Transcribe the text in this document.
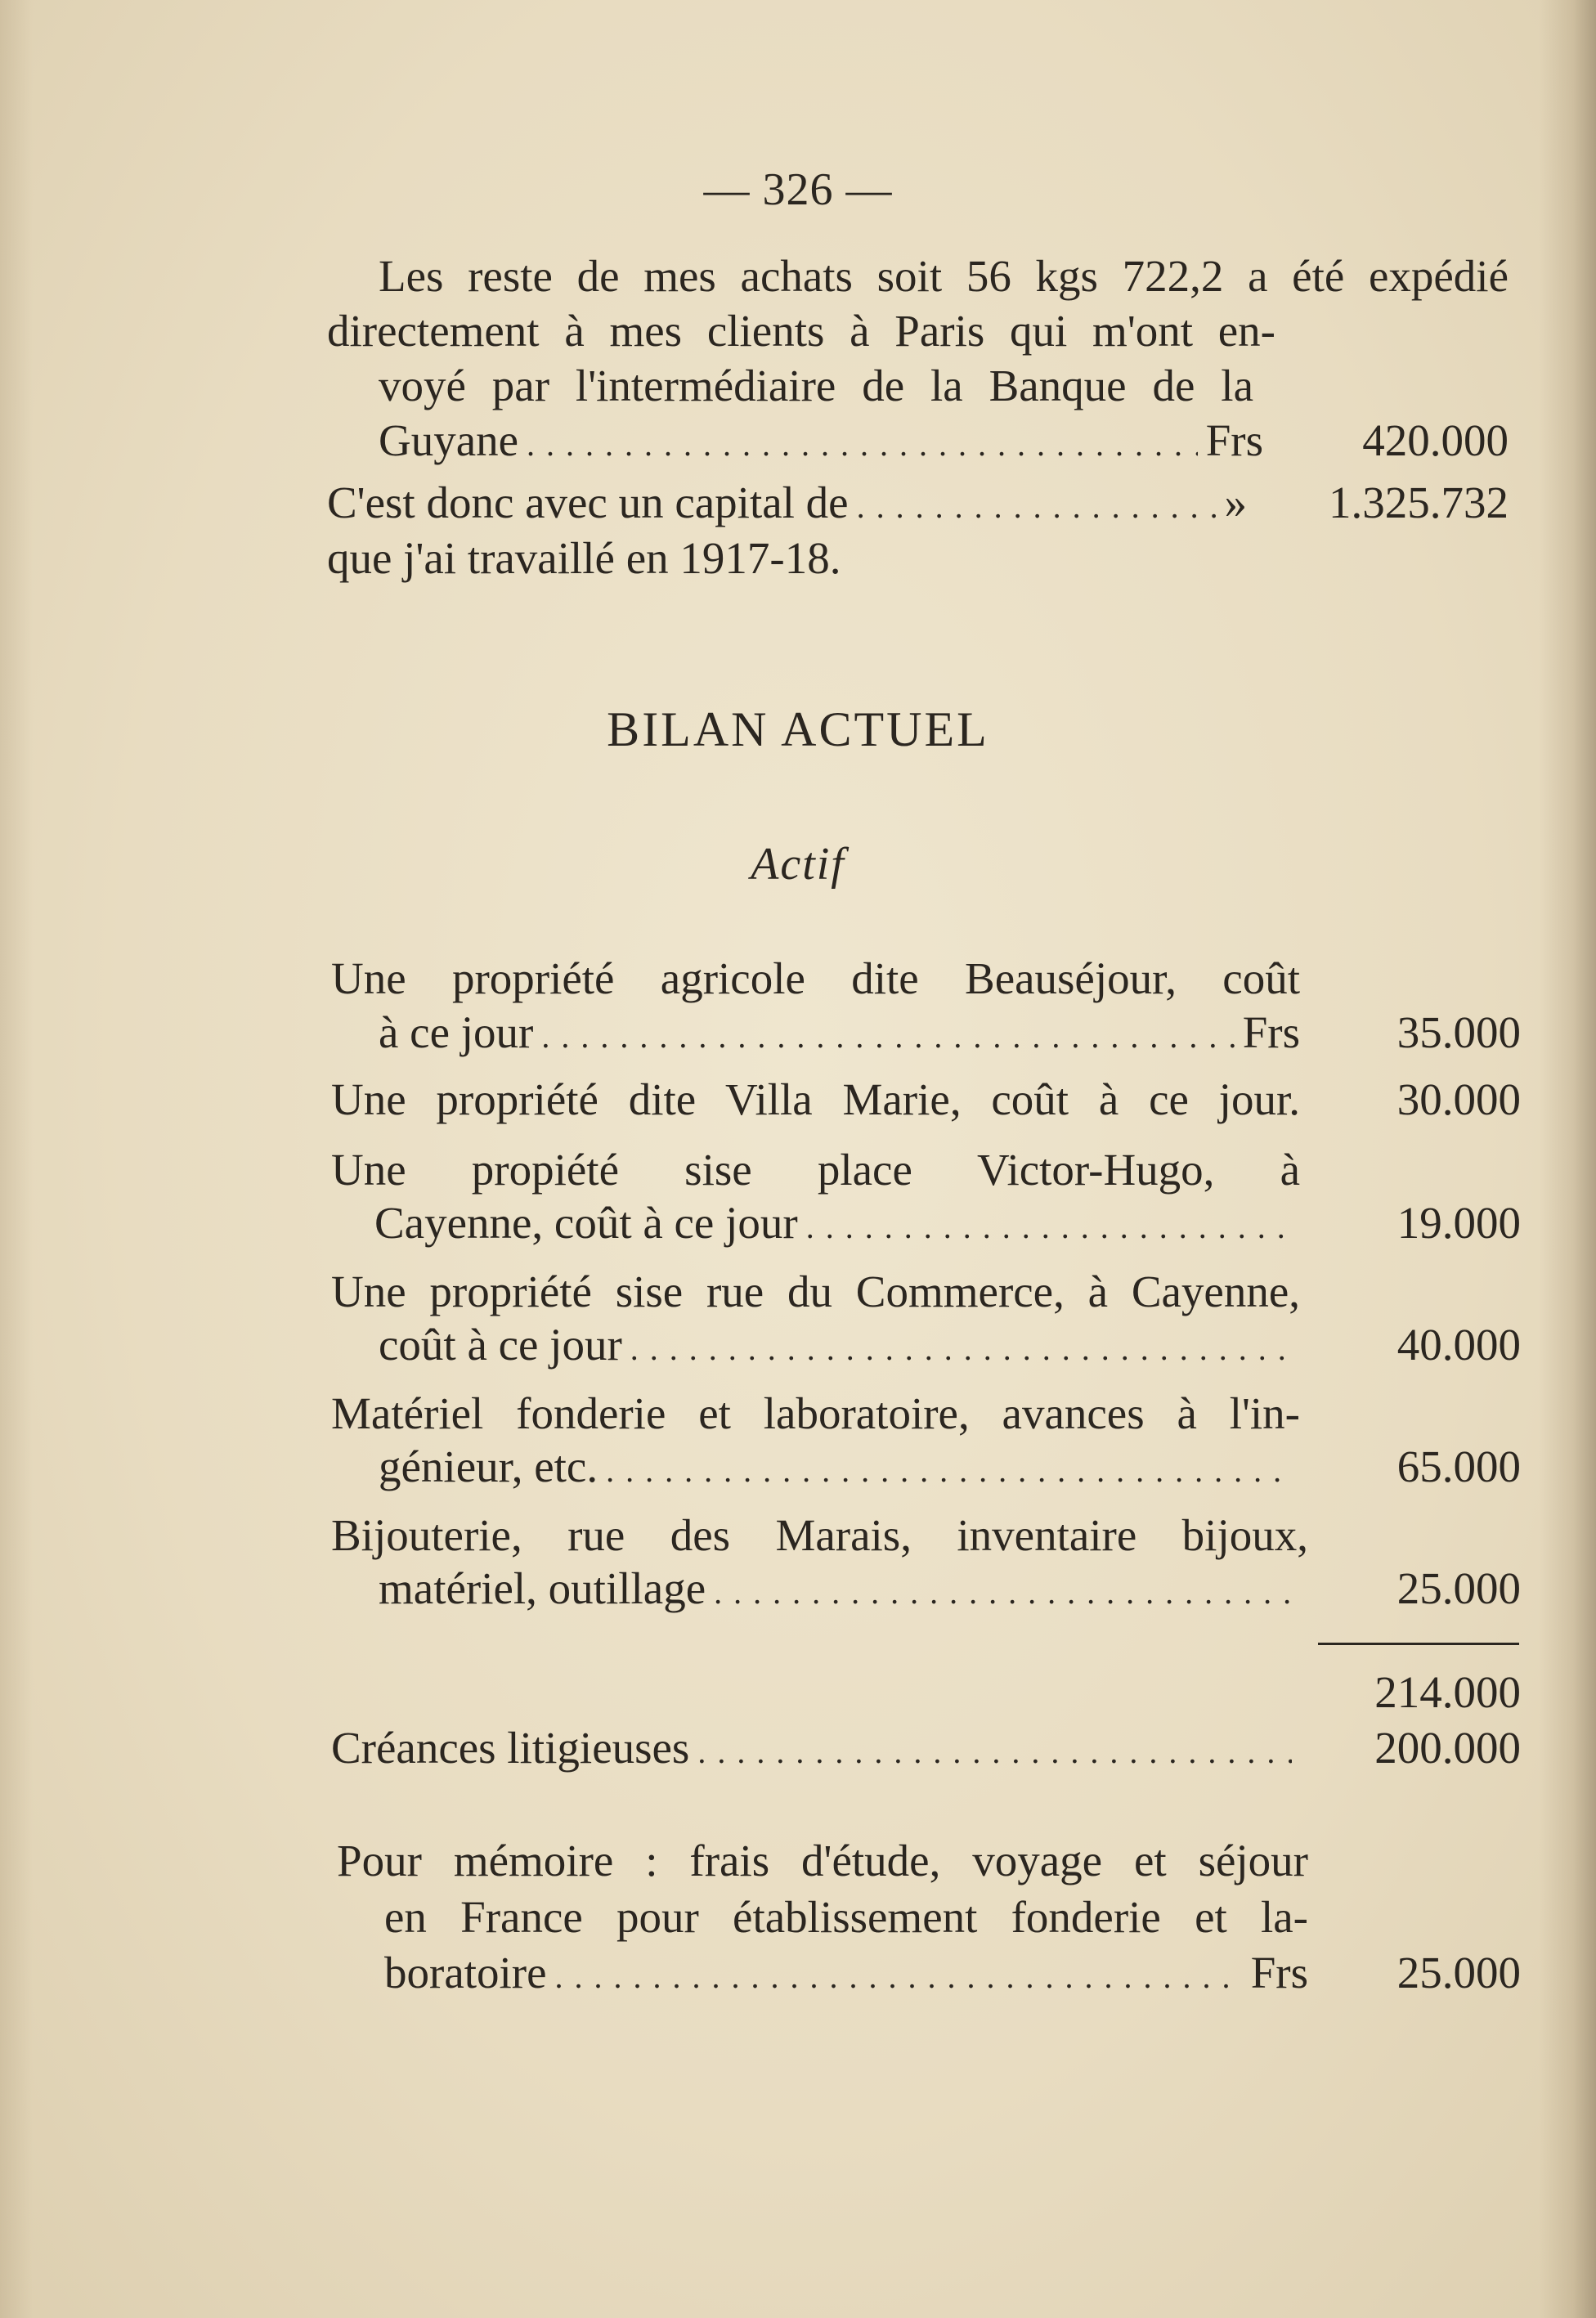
— 326 —
Les reste de mes achats soit 56 kgs 722,2 a été expédié
directement à mes clients à Paris qui m'ont en-
voyé par l'intermédiaire de la Banque de la
Guyane . . .	Frs	420.000
C'est donc avec un capital de . . .	»	1.325.732
que j'ai travaillé en 1917-18.
BILAN ACTUEL
Actif
Une propriété agricole dite Beauséjour, coût
à ce jour . . .	Frs	35.000
Une propriété dite Villa Marie, coût à ce jour.	30.000
Une propiété sise place Victor-Hugo, à
Cayenne, coût à ce jour . . .	19.000
Une propriété sise rue du Commerce, à Cayenne,
coût à ce jour . . .	40.000
Matériel fonderie et laboratoire, avances à l'in-
génieur, etc. . . .	65.000
Bijouterie, rue des Marais, inventaire bijoux,
matériel, outillage . . .	25.000
214.000
Créances litigieuses . . .	200.000
Pour mémoire : frais d'étude, voyage et séjour
en France pour établissement fonderie et la-
boratoire . . .	Frs	25.000
